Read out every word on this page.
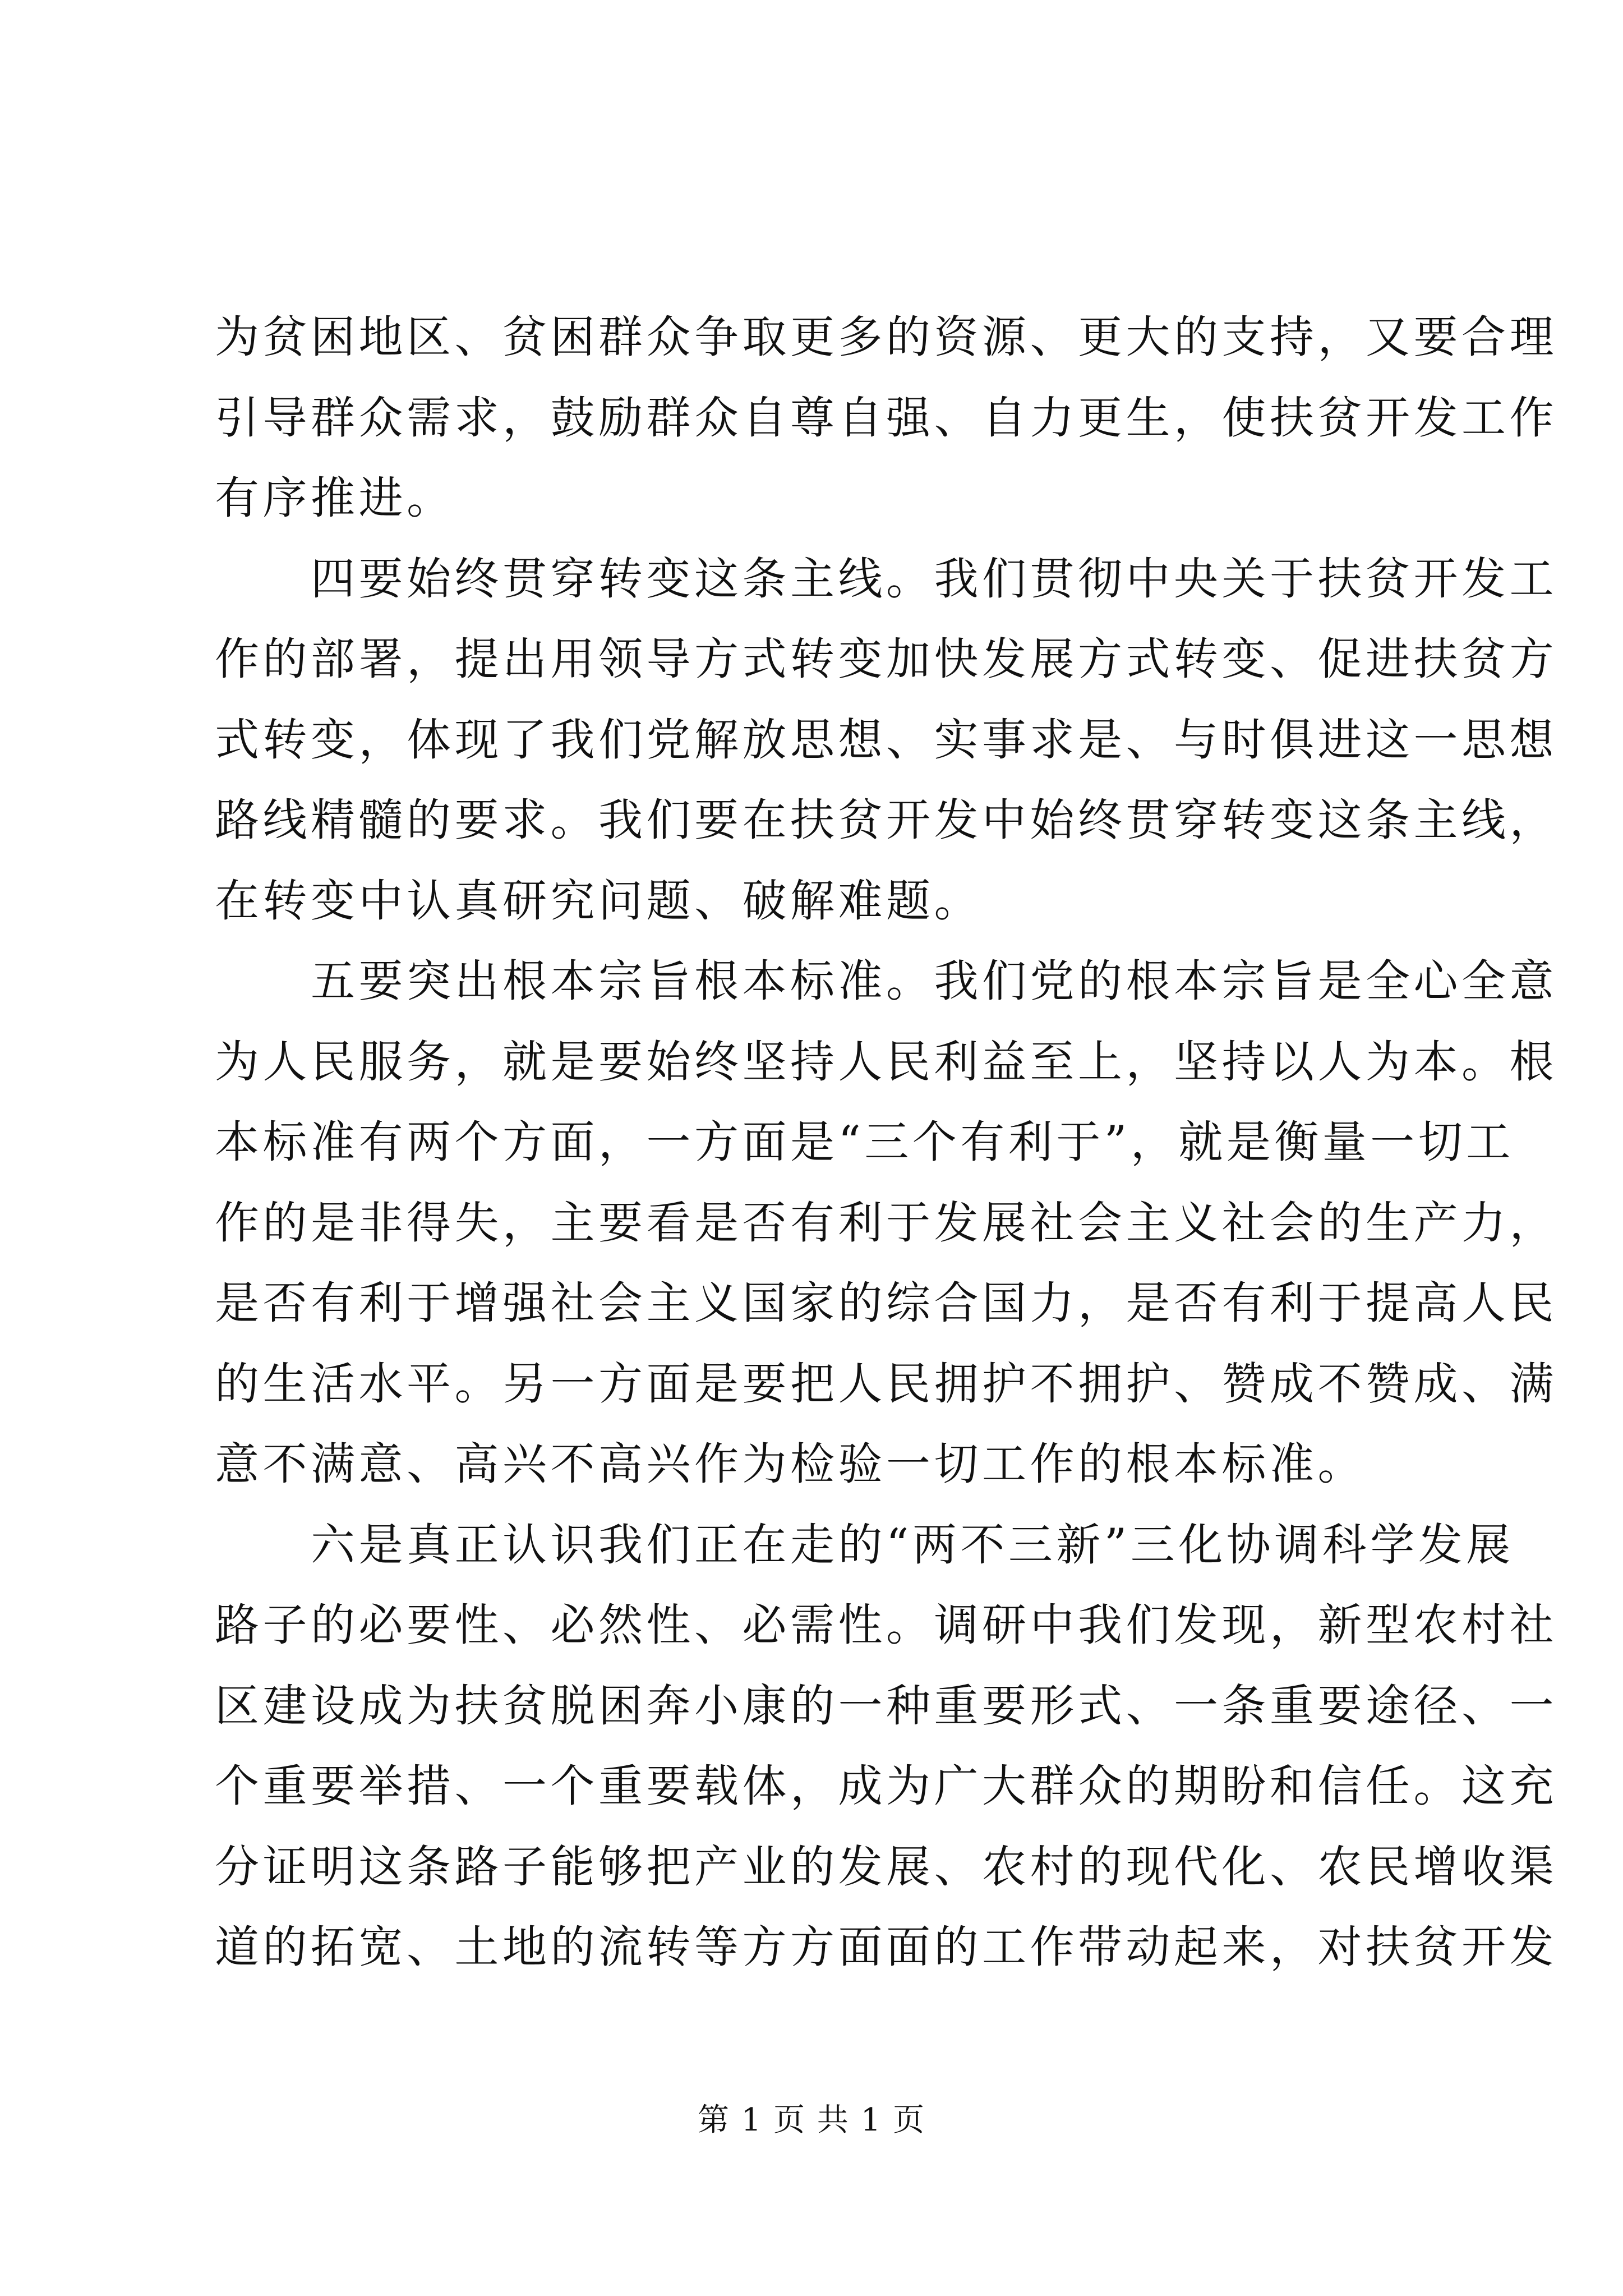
为贫困地区、贫困群众争取更多的资源、更大的支持，又要合理
引导群众需求，鼓励群众自尊自强、自力更生，使扶贫开发工作
有序推进。
　　四要始终贯穿转变这条主线。我们贯彻中央关于扶贫开发工
作的部署，提出用领导方式转变加快发展方式转变、促进扶贫方
式转变，体现了我们党解放思想、实事求是、与时俱进这一思想
路线精髓的要求。我们要在扶贫开发中始终贯穿转变这条主线，
在转变中认真研究问题、破解难题。
　　五要突出根本宗旨根本标准。我们党的根本宗旨是全心全意
为人民服务，就是要始终坚持人民利益至上，坚持以人为本。根
本标准有两个方面，一方面是“三个有利于”，就是衡量一切工
作的是非得失，主要看是否有利于发展社会主义社会的生产力，
是否有利于增强社会主义国家的综合国力，是否有利于提高人民
的生活水平。另一方面是要把人民拥护不拥护、赞成不赞成、满
意不满意、高兴不高兴作为检验一切工作的根本标准。
　　六是真正认识我们正在走的“两不三新”三化协调科学发展
路子的必要性、必然性、必需性。调研中我们发现，新型农村社
区建设成为扶贫脱困奔小康的一种重要形式、一条重要途径、一
个重要举措、一个重要载体，成为广大群众的期盼和信任。这充
分证明这条路子能够把产业的发展、农村的现代化、农民增收渠
道的拓宽、土地的流转等方方面面的工作带动起来，对扶贫开发
第 1 页 共 1 页
